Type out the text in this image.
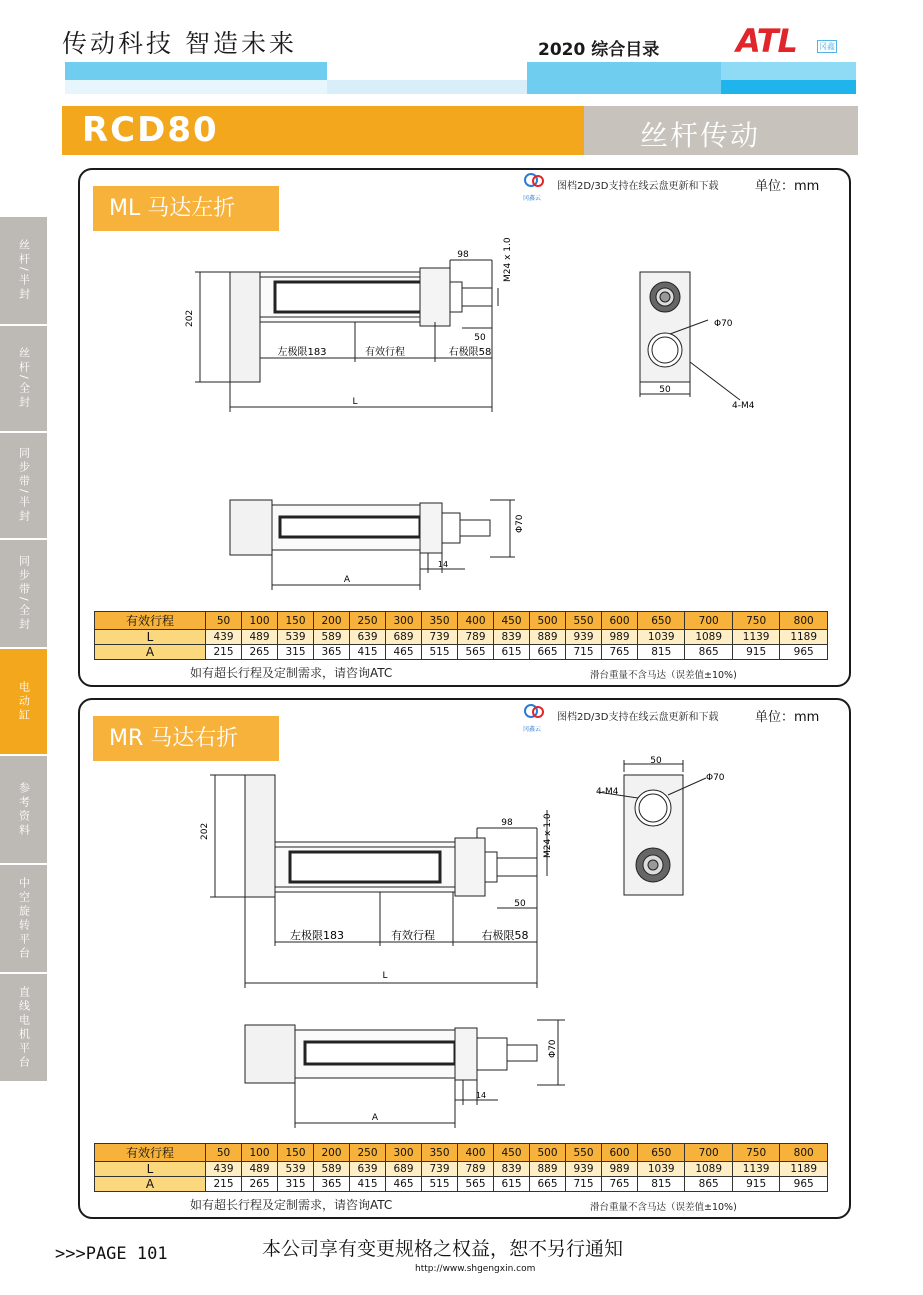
传动科技 智造未来	2020 综合目录 ATL	冈鑫
RCD80	丝杆传动
丝杆/半封
丝杆/全封
同步带/半封
同步带/全封
电动缸
参考资料
中空旋转平台
直线电机平台
ML 马达左折	冈鑫云
图档2D/3D支持在线云盘更新和下载	单位：mm
98	M24 x 1.0
50
202
左极限183	有效行程	右极限58
L
Φ70
4-M4
50
Φ70
A
14
有效行程	50	100	150	200	250	300	350	400	450	500	550	600	650	700	750	800
L	439	489	539	589	639	689	739	789	839	889	939	989	1039	1089	1139	1189
A	215	265	315	365	415	465	515	565	615	665	715	765	815	865	915	965
如有超长行程及定制需求，请咨询ATC	滑台重量不含马达（误差值±10%)
MR 马达右折	冈鑫云
图档2D/3D支持在线云盘更新和下载	单位：mm
98	M24 x 1.0
50
202
左极限183	有效行程	右极限58
L
50
Φ70
4-M4
Φ70
A
14
有效行程	50	100	150	200	250	300	350	400	450	500	550	600	650	700	750	800
L	439	489	539	589	639	689	739	789	839	889	939	989	1039	1089	1139	1189
A	215	265	315	365	415	465	515	565	615	665	715	765	815	865	915	965
如有超长行程及定制需求，请咨询ATC	滑台重量不含马达（误差值±10%)
>>>PAGE 101	本公司享有变更规格之权益，恕不另行通知
http://www.shgengxin.com
